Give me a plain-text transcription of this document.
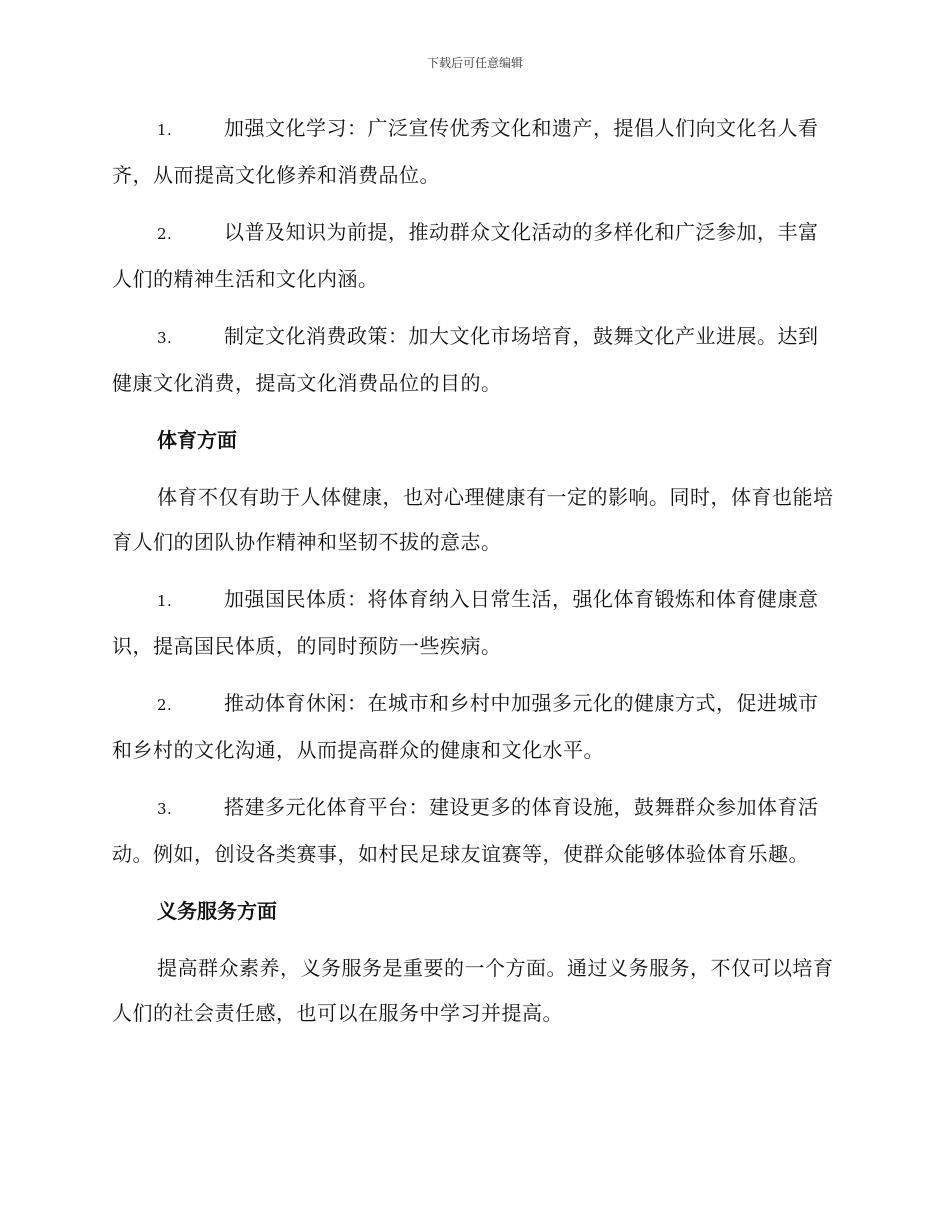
下载后可任意编辑

1.	加强文化学习：广泛宣传优秀文化和遗产，提倡人们向文化名人看齐，从而提高文化修养和消费品位。

2.	以普及知识为前提，推动群众文化活动的多样化和广泛参加，丰富人们的精神生活和文化内涵。

3.	制定文化消费政策：加大文化市场培育，鼓舞文化产业进展。达到健康文化消费，提高文化消费品位的目的。

体育方面

体育不仅有助于人体健康，也对心理健康有一定的影响。同时，体育也能培育人们的团队协作精神和坚韧不拔的意志。

1.	加强国民体质：将体育纳入日常生活，强化体育锻炼和体育健康意识，提高国民体质，的同时预防一些疾病。

2.	推动体育休闲：在城市和乡村中加强多元化的健康方式，促进城市和乡村的文化沟通，从而提高群众的健康和文化水平。

3.	搭建多元化体育平台：建设更多的体育设施，鼓舞群众参加体育活动。例如，创设各类赛事，如村民足球友谊赛等，使群众能够体验体育乐趣。

义务服务方面

提高群众素养，义务服务是重要的一个方面。通过义务服务，不仅可以培育人们的社会责任感，也可以在服务中学习并提高。
